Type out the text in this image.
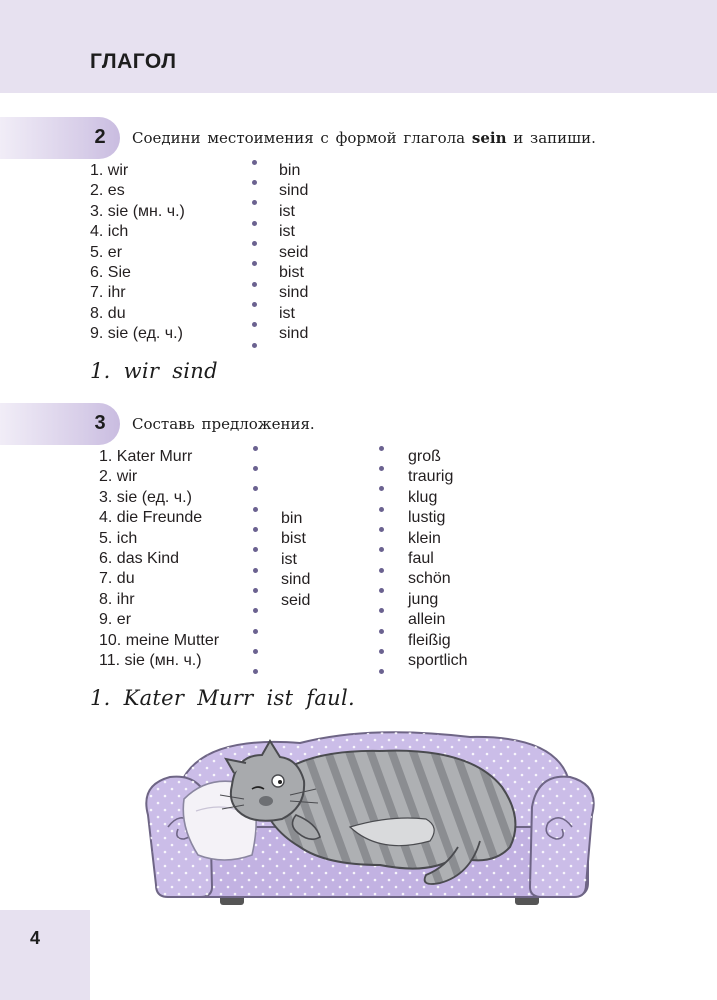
ГЛАГОЛ
2 Соедини местоимения с формой глагола sein и запиши.
1. wir
2. es
3. sie (мн. ч.)
4. ich
5. er
6. Sie
7. ihr
8. du
9. sie (ед. ч.)
bin
sind
ist
ist
seid
bist
sind
ist
sind
1. wir sind
3 Составь предложения.
1. Kater Murr
2. wir
3. sie (ед. ч.)
4. die Freunde
5. ich
6. das Kind
7. du
8. ihr
9. er
10. meine Mutter
11. sie (мн. ч.)
bin
bist
ist
sind
seid
groß
traurig
klug
lustig
klein
faul
schön
jung
allein
fleißig
sportlich
1. Kater Murr ist faul.
4
